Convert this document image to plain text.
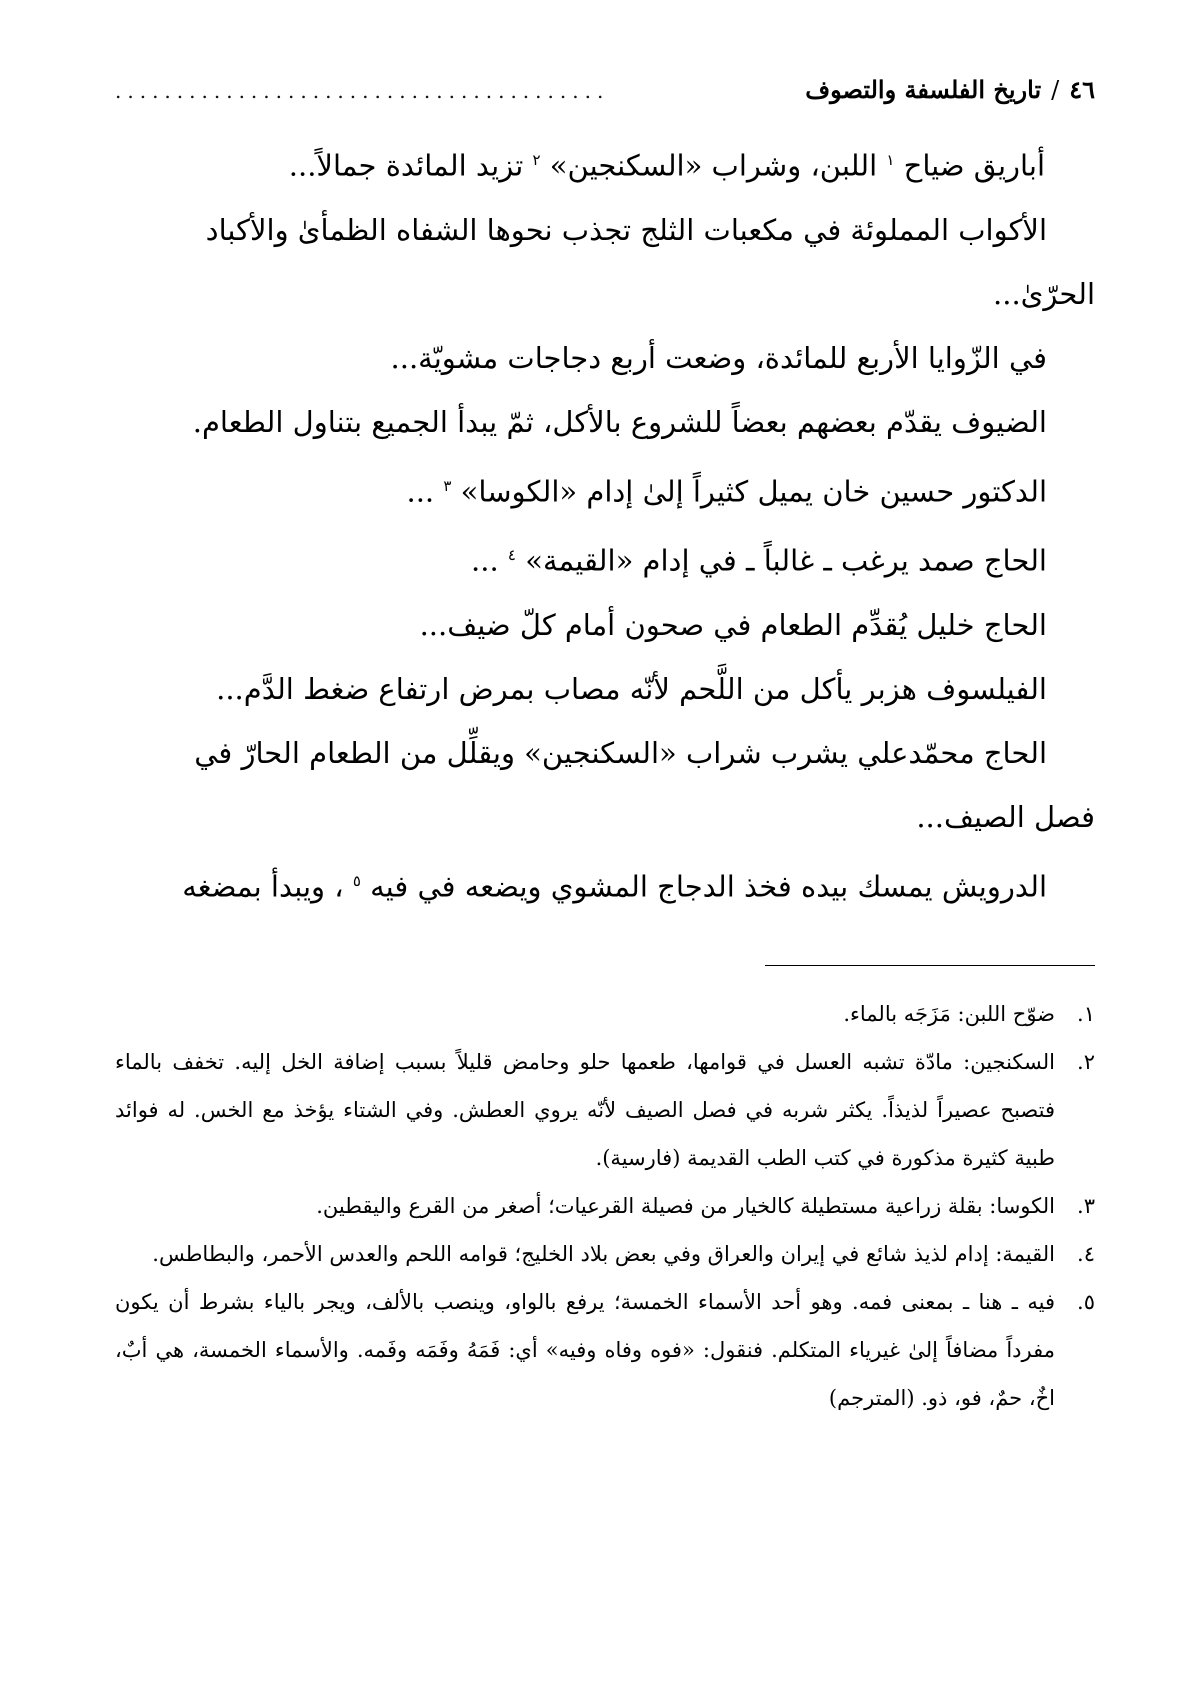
٤٦
/
تاريخ الفلسفة والتصوف
........................................

أباريق ضياح $^١$ اللبن، وشراب «السكنجين» $^٢$ تزيد المائدة جمالاً...

الأكواب المملوئة في مكعبات الثلج تجذب نحوها الشفاه الظمأىٰ والأكباد

الحرّىٰ...

في الزّوايا الأربع للمائدة، وضعت أربع دجاجات مشويّة...

الضيوف يقدّم بعضهم بعضاً للشروع بالأكل، ثمّ يبدأ الجميع بتناول الطعام.

الدكتور حسين خان يميل كثيراً إلىٰ إدام «الكوسا» $^٣$ ...

الحاج صمد يرغب ـ غالباً ـ في إدام «القيمة» $^٤$ ...

الحاج خليل يُقدِّم الطعام في صحون أمام كلّ ضيف...

الفيلسوف هزبر يأكل من اللَّحم لأنّه مصاب بمرض ارتفاع ضغط الدَّم...

الحاج محمّدعلي يشرب شراب «السكنجين» ويقلِّل من الطعام الحارّ في

فصل الصيف...

الدرويش يمسك بيده فخذ الدجاج المشوي ويضعه في فيه $^٥$ ، ويبدأ بمضغه

١.
ضوّح اللبن: مَزَجَه بالماء.
٢.
السكنجين: مادّة تشبه العسل في قوامها، طعمها حلو وحامض قليلاً بسبب إضافة الخل إليه. تخفف بالماء فتصبح عصيراً لذيذاً. يكثر شربه في فصل الصيف لأنّه يروي العطش. وفي الشتاء يؤخذ مع الخس. له فوائد طبية كثيرة مذكورة في كتب الطب القديمة (فارسية).
٣.
الكوسا: بقلة زراعية مستطيلة كالخيار من فصيلة القرعيات؛ أصغر من القرع واليقطين.
٤.
القيمة: إدام لذيذ شائع في إيران والعراق وفي بعض بلاد الخليج؛ قوامه اللحم والعدس الأحمر، والبطاطس.
٥.
فيه ـ هنا ـ بمعنى فمه. وهو أحد الأسماء الخمسة؛ يرفع بالواو، وينصب بالألف، ويجر بالياء بشرط أن يكون مفرداً مضافاً إلىٰ غيرياء المتكلم. فنقول: «فوه وفاه وفيه» أي: فَمَهُ وفَمَه وفَمه. والأسماء الخمسة، هي أبٌ، اخٌ، حمٌ، فو، ذو. (المترجم)
